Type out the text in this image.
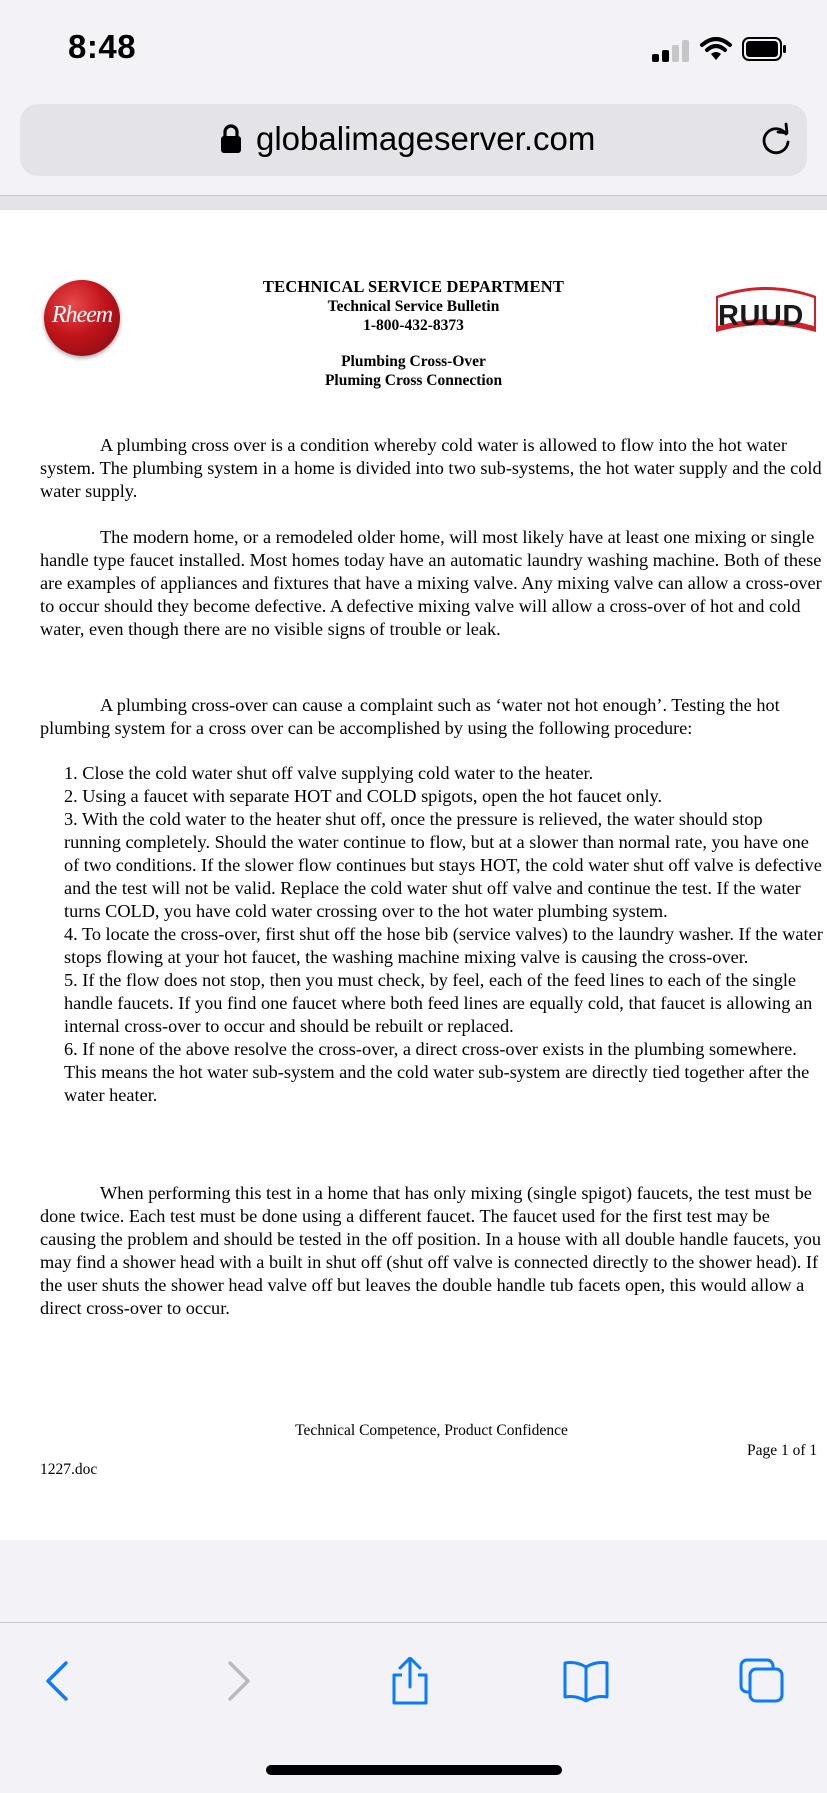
8:48
globalimageserver.com
Rheem	RUUD
TECHNICAL SERVICE DEPARTMENT
Technical Service Bulletin
1-800-432-8373
Plumbing Cross-Over
Pluming Cross Connection

A plumbing cross over is a condition whereby cold water is allowed to flow into the hot water system. The plumbing system in a home is divided into two sub-systems, the hot water supply and the cold water supply.

The modern home, or a remodeled older home, will most likely have at least one mixing or single handle type faucet installed. Most homes today have an automatic laundry washing machine. Both of these are examples of appliances and fixtures that have a mixing valve. Any mixing valve can allow a cross-over to occur should they become defective. A defective mixing valve will allow a cross-over of hot and cold water, even though there are no visible signs of trouble or leak.

A plumbing cross-over can cause a complaint such as ‘water not hot enough’. Testing the hot plumbing system for a cross over can be accomplished by using the following procedure:

1. Close the cold water shut off valve supplying cold water to the heater.
2. Using a faucet with separate HOT and COLD spigots, open the hot faucet only.
3. With the cold water to the heater shut off, once the pressure is relieved, the water should stop running completely. Should the water continue to flow, but at a slower than normal rate, you have one of two conditions. If the slower flow continues but stays HOT, the cold water shut off valve is defective and the test will not be valid. Replace the cold water shut off valve and continue the test. If the water turns COLD, you have cold water crossing over to the hot water plumbing system.
4. To locate the cross-over, first shut off the hose bib (service valves) to the laundry washer. If the water stops flowing at your hot faucet, the washing machine mixing valve is causing the cross-over.
5. If the flow does not stop, then you must check, by feel, each of the feed lines to each of the single handle faucets. If you find one faucet where both feed lines are equally cold, that faucet is allowing an internal cross-over to occur and should be rebuilt or replaced.
6. If none of the above resolve the cross-over, a direct cross-over exists in the plumbing somewhere. This means the hot water sub-system and the cold water sub-system are directly tied together after the water heater.

When performing this test in a home that has only mixing (single spigot) faucets, the test must be done twice. Each test must be done using a different faucet. The faucet used for the first test may be causing the problem and should be tested in the off position. In a house with all double handle faucets, you may find a shower head with a built in shut off (shut off valve is connected directly to the shower head). If the user shuts the shower head valve off but leaves the double handle tub facets open, this would allow a direct cross-over to occur.

Technical Competence, Product Confidence
Page 1 of 1
1227.doc
